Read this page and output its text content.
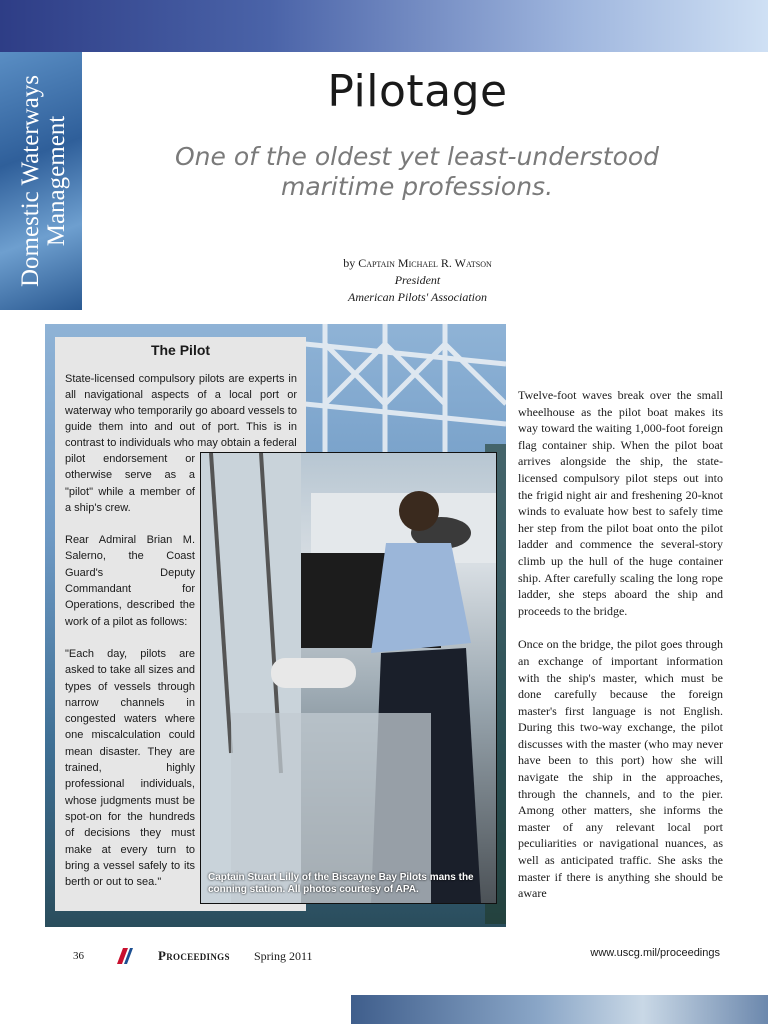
Domestic Waterways Management
Pilotage
One of the oldest yet least-understood maritime professions.
by Captain Michael R. Watson
President
American Pilots' Association
The Pilot

State-licensed compulsory pilots are experts in all navigational aspects of a local port or waterway who temporarily go aboard vessels to guide them into and out of port. This is in contrast to individuals who may obtain a federal

pilot endorsement or otherwise serve as a "pilot" while a member of a ship's crew.

Rear Admiral Brian M. Salerno, the Coast Guard's Deputy Commandant for Operations, described the work of a pilot as follows:

"Each day, pilots are asked to take all sizes and types of vessels through narrow channels in congested waters where one miscalculation could mean disaster. They are trained, highly professional individuals, whose judgments must be spot-on for the hundreds of decisions they must make at every turn to bring a vessel safely to its berth or out to sea."	Captain Stuart Lilly of the Biscayne Bay Pilots mans the conning station. All photos courtesy of APA.

Twelve-foot waves break over the small wheelhouse as the pilot boat makes its way toward the waiting 1,000-foot foreign flag container ship. When the pilot boat arrives alongside the ship, the state-licensed compulsory pilot steps out into the frigid night air and freshening 20-knot winds to evaluate how best to safely time her step from the pilot boat onto the pilot ladder and commence the several-story climb up the hull of the huge container ship. After carefully scaling the long rope ladder, she steps aboard the ship and proceeds to the bridge.

Once on the bridge, the pilot goes through an exchange of important information with the ship's master, which must be done carefully because the foreign master's first language is not English. During this two-way exchange, the pilot discusses with the master (who may never have been to this port) how she will navigate the ship in the approaches, through the channels, and to the pier. Among other matters, she informs the master of any relevant local port peculiarities or navigational nuances, as well as anticipated traffic. She asks the master if there is anything she should be aware

36	Proceedings Spring 2011	www.uscg.mil/proceedings
